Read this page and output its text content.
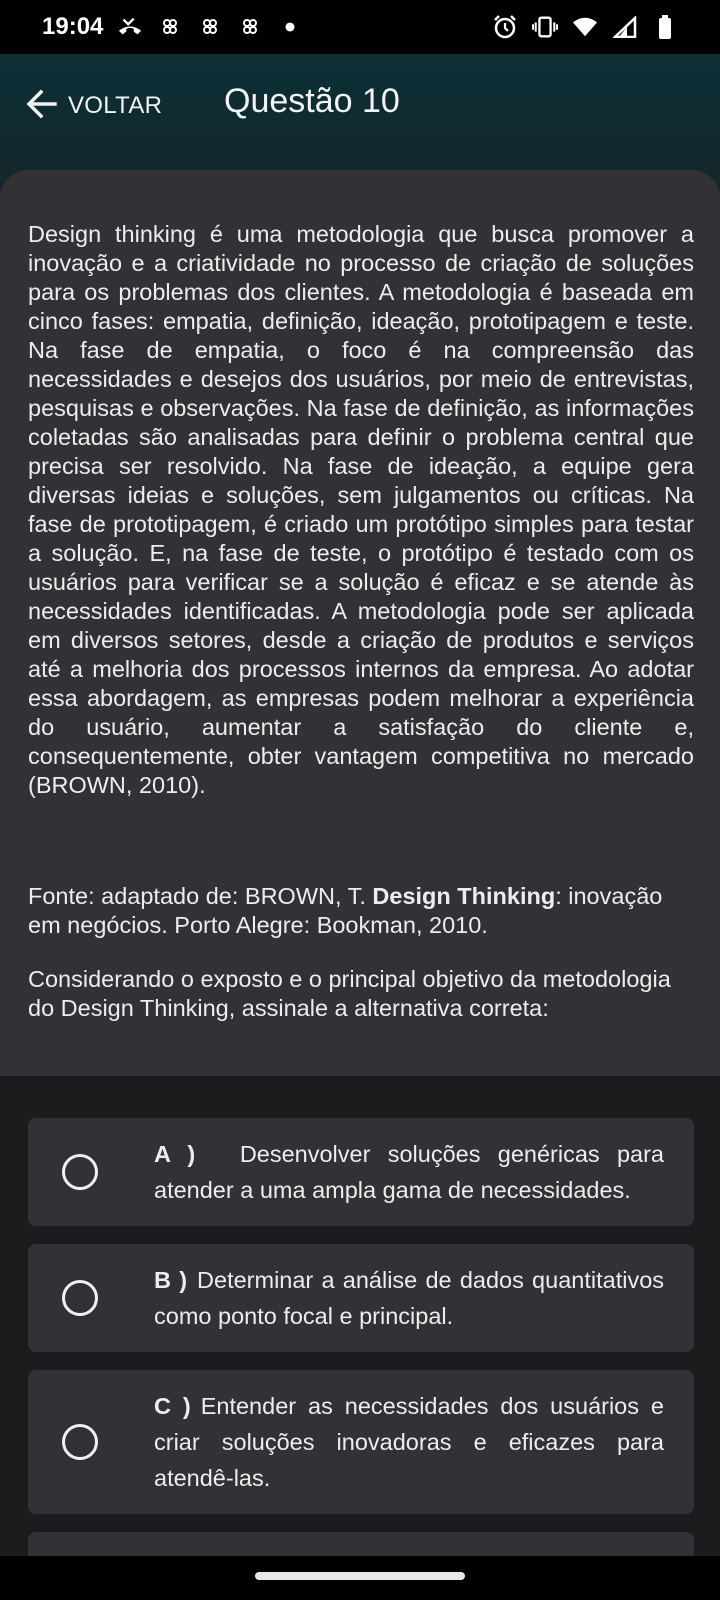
19:04
VOLTAR Questão 10

Design thinking é uma metodologia que busca promover a inovação e a criatividade no processo de criação de soluções para os problemas dos clientes. A metodologia é baseada em cinco fases: empatia, definição, ideação, prototipagem e teste. Na fase de empatia, o foco é na compreensão das necessidades e desejos dos usuários, por meio de entrevistas, pesquisas e observações. Na fase de definição, as informações coletadas são analisadas para definir o problema central que precisa ser resolvido. Na fase de ideação, a equipe gera diversas ideias e soluções, sem julgamentos ou críticas. Na fase de prototipagem, é criado um protótipo simples para testar a solução. E, na fase de teste, o protótipo é testado com os usuários para verificar se a solução é eficaz e se atende às necessidades identificadas. A metodologia pode ser aplicada em diversos setores, desde a criação de produtos e serviços até a melhoria dos processos internos da empresa. Ao adotar essa abordagem, as empresas podem melhorar a experiência do usuário, aumentar a satisfação do cliente e, consequentemente, obter vantagem competitiva no mercado (BROWN, 2010).

Fonte: adaptado de: BROWN, T. Design Thinking: inovação em negócios. Porto Alegre: Bookman, 2010.

Considerando o exposto e o principal objetivo da metodologia do Design Thinking, assinale a alternativa correta:

A )  Desenvolver soluções genéricas para atender a uma ampla gama de necessidades.
B ) Determinar a análise de dados quantitativos como ponto focal e principal.
C ) Entender as necessidades dos usuários e criar soluções inovadoras e eficazes para atendê-las.
